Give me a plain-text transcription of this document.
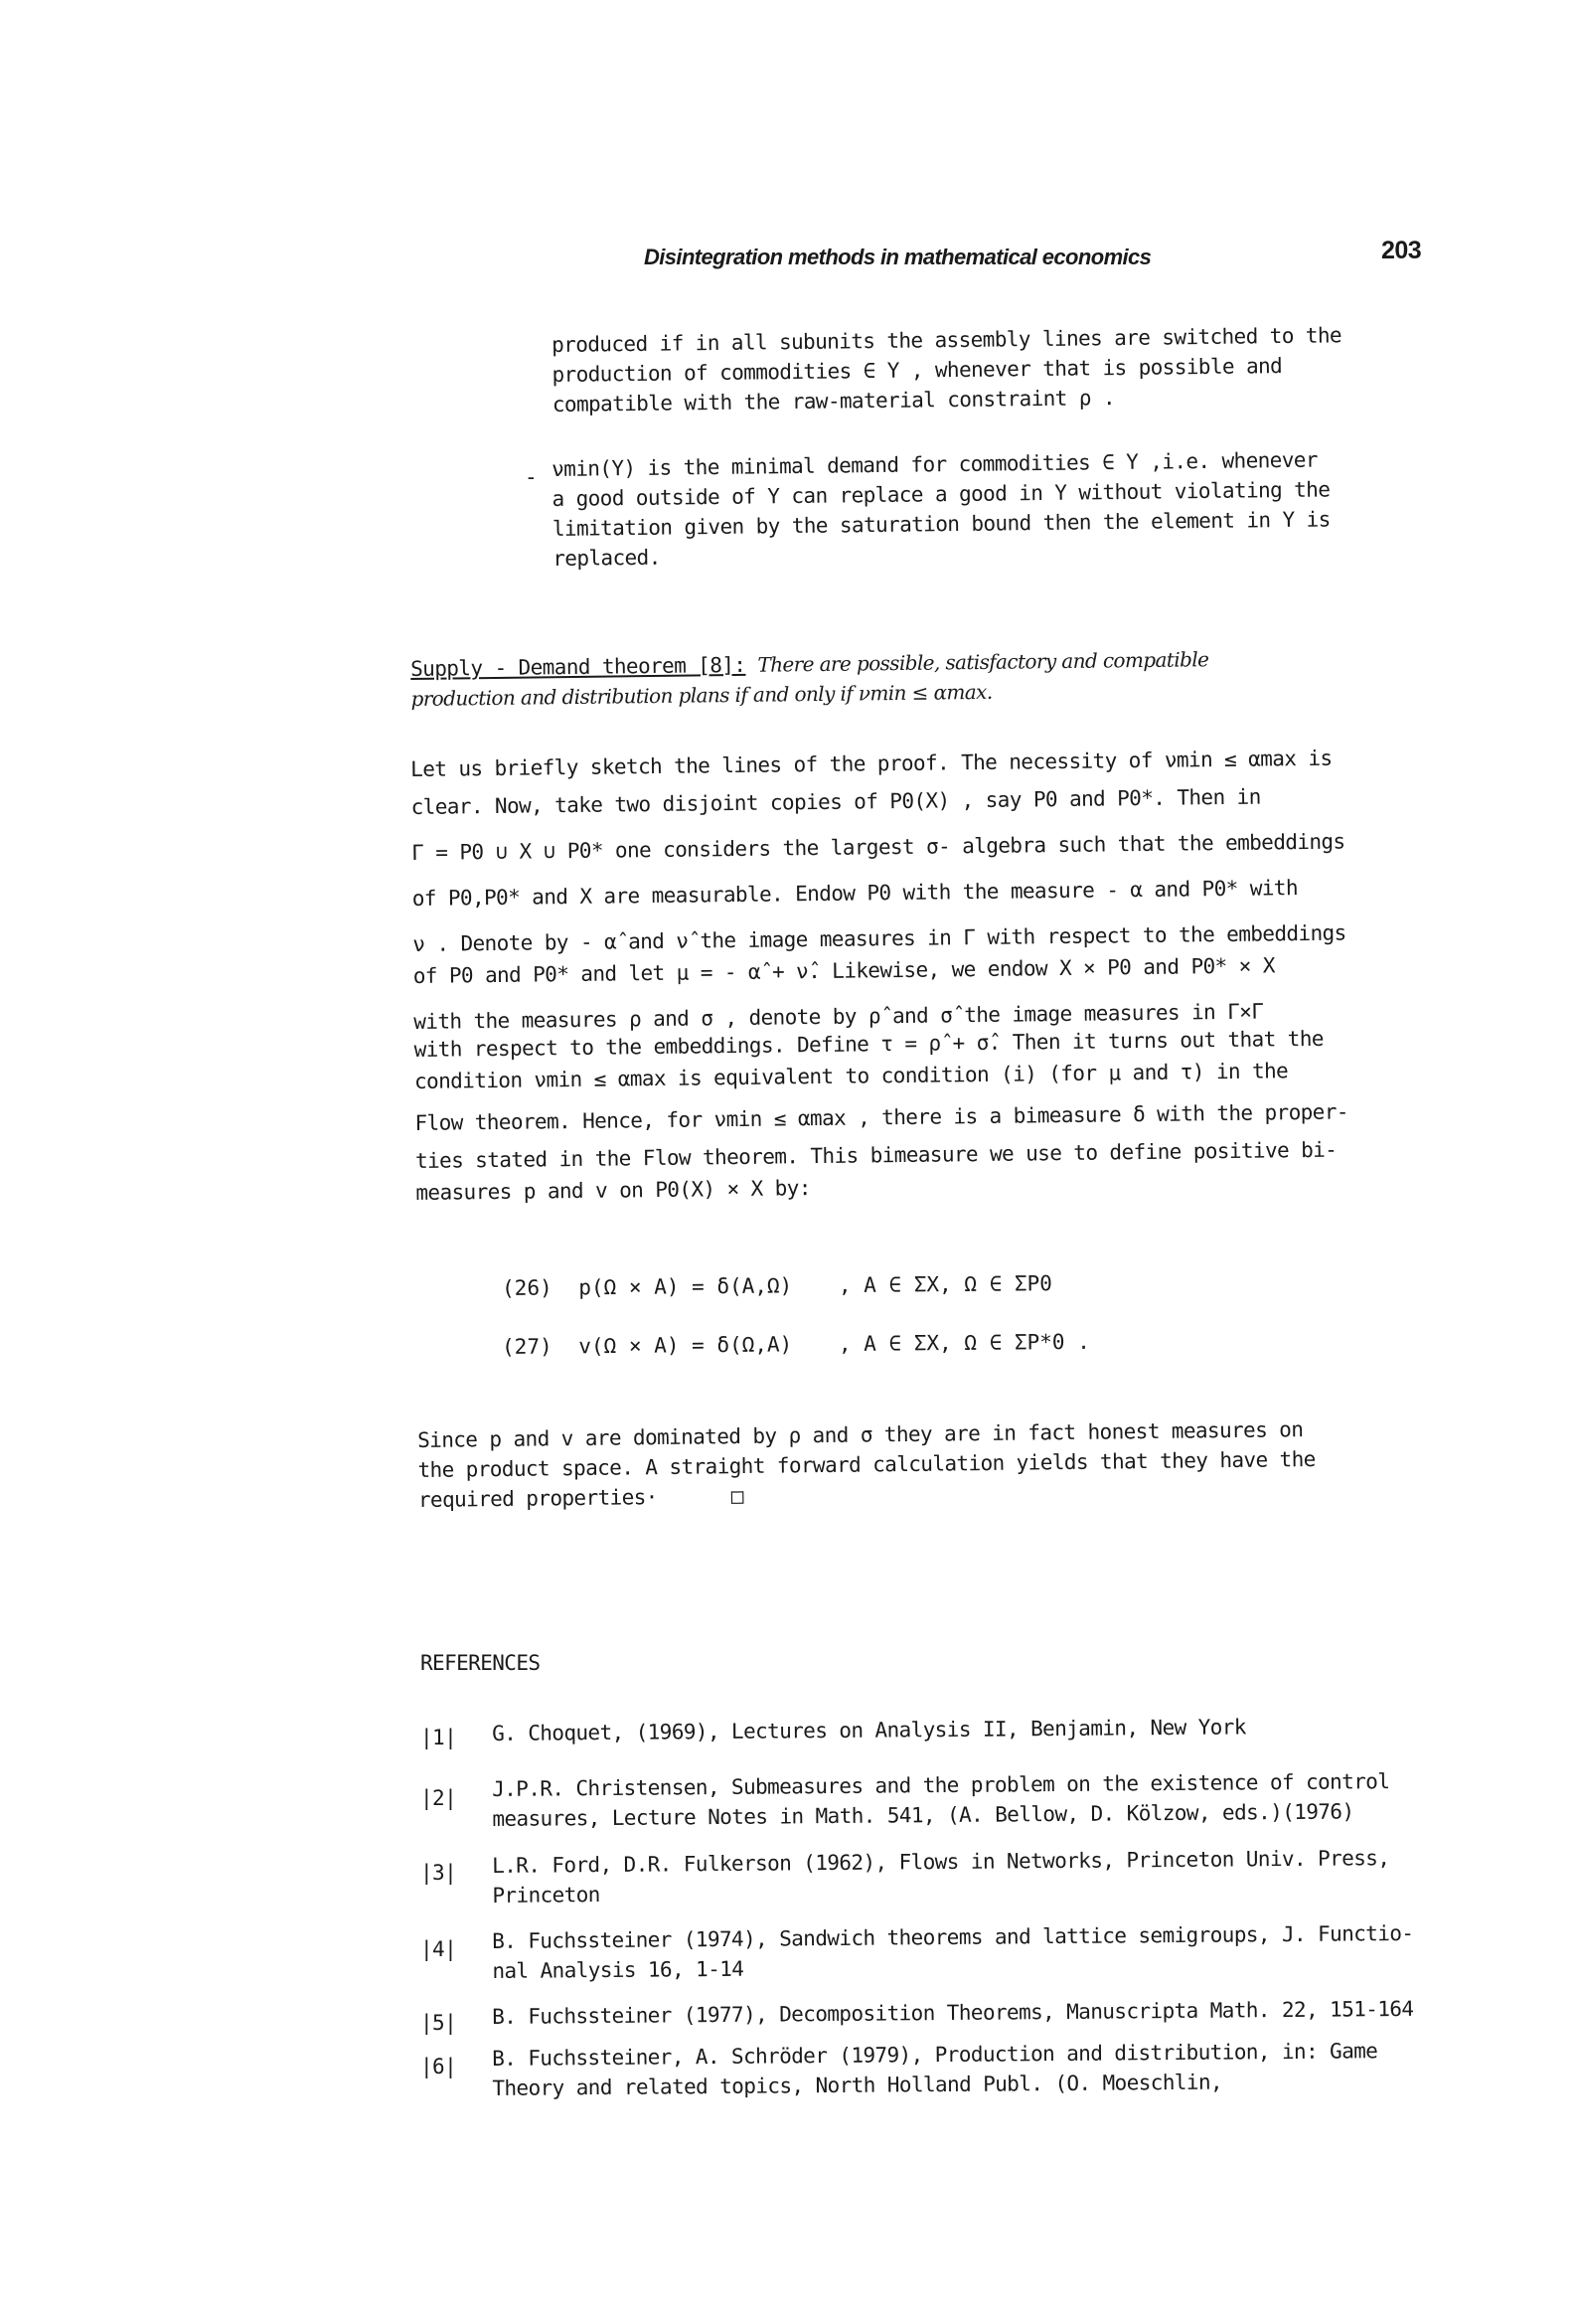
Disintegration methods in mathematical economics	203
produced if in all subunits the assembly lines are switched to the
production of commodities ∈ Y , whenever that is possible and
compatible with the raw-material constraint ρ .
- νmin(Y) is the minimal demand for commodities ∈ Y ,i.e. whenever
a good outside of Y can replace a good in Y without violating the
limitation given by the saturation bound then the element in Y is
replaced.
Supply - Demand theorem [8]: There are possible, satisfactory and compatible
production and distribution plans if and only if νmin ≤ αmax.
Let us briefly sketch the lines of the proof. The necessity of νmin ≤ αmax is
clear. Now, take two disjoint copies of P0(X) , say P0 and P0*. Then in
Γ = P0 ∪ X ∪ P0* one considers the largest σ- algebra such that the embeddings
of P0,P0* and X are measurable. Endow P0 with the measure - α and P0* with
ν . Denote by - α̂ and ν̂ the image measures in Γ with respect to the embeddings
of P0 and P0* and let μ = - α̂ + ν̂. Likewise, we endow X × P0 and P0* × X
with the measures ρ and σ , denote by ρ̂ and σ̂ the image measures in Γ×Γ
with respect to the embeddings. Define τ = ρ̂ + σ̂. Then it turns out that the
condition νmin ≤ αmax is equivalent to condition (i) (for μ and τ) in the
Flow theorem. Hence, for νmin ≤ αmax , there is a bimeasure δ with the proper-
ties stated in the Flow theorem. This bimeasure we use to define positive bi-
measures p and v on P0(X) × X by:
(26) p(Ω × A) = δ(A,Ω) , A ∈ ΣX, Ω ∈ ΣP0
(27) v(Ω × A) = δ(Ω,A) , A ∈ ΣX, Ω ∈ ΣP*0 .
Since p and v are dominated by ρ and σ they are in fact honest measures on
the product space. A straight forward calculation yields that they have the
required properties·	□
REFERENCES
|1| G. Choquet, (1969), Lectures on Analysis II, Benjamin, New York
|2| J.P.R. Christensen, Submeasures and the problem on the existence of control
measures, Lecture Notes in Math. 541, (A. Bellow, D. Kölzow, eds.)(1976)
|3| L.R. Ford, D.R. Fulkerson (1962), Flows in Networks, Princeton Univ. Press,
Princeton
|4| B. Fuchssteiner (1974), Sandwich theorems and lattice semigroups, J. Functio-
nal Analysis 16, 1-14
|5| B. Fuchssteiner (1977), Decomposition Theorems, Manuscripta Math. 22, 151-164
|6| B. Fuchssteiner, A. Schröder (1979), Production and distribution, in: Game
Theory and related topics, North Holland Publ. (O. Moeschlin,
